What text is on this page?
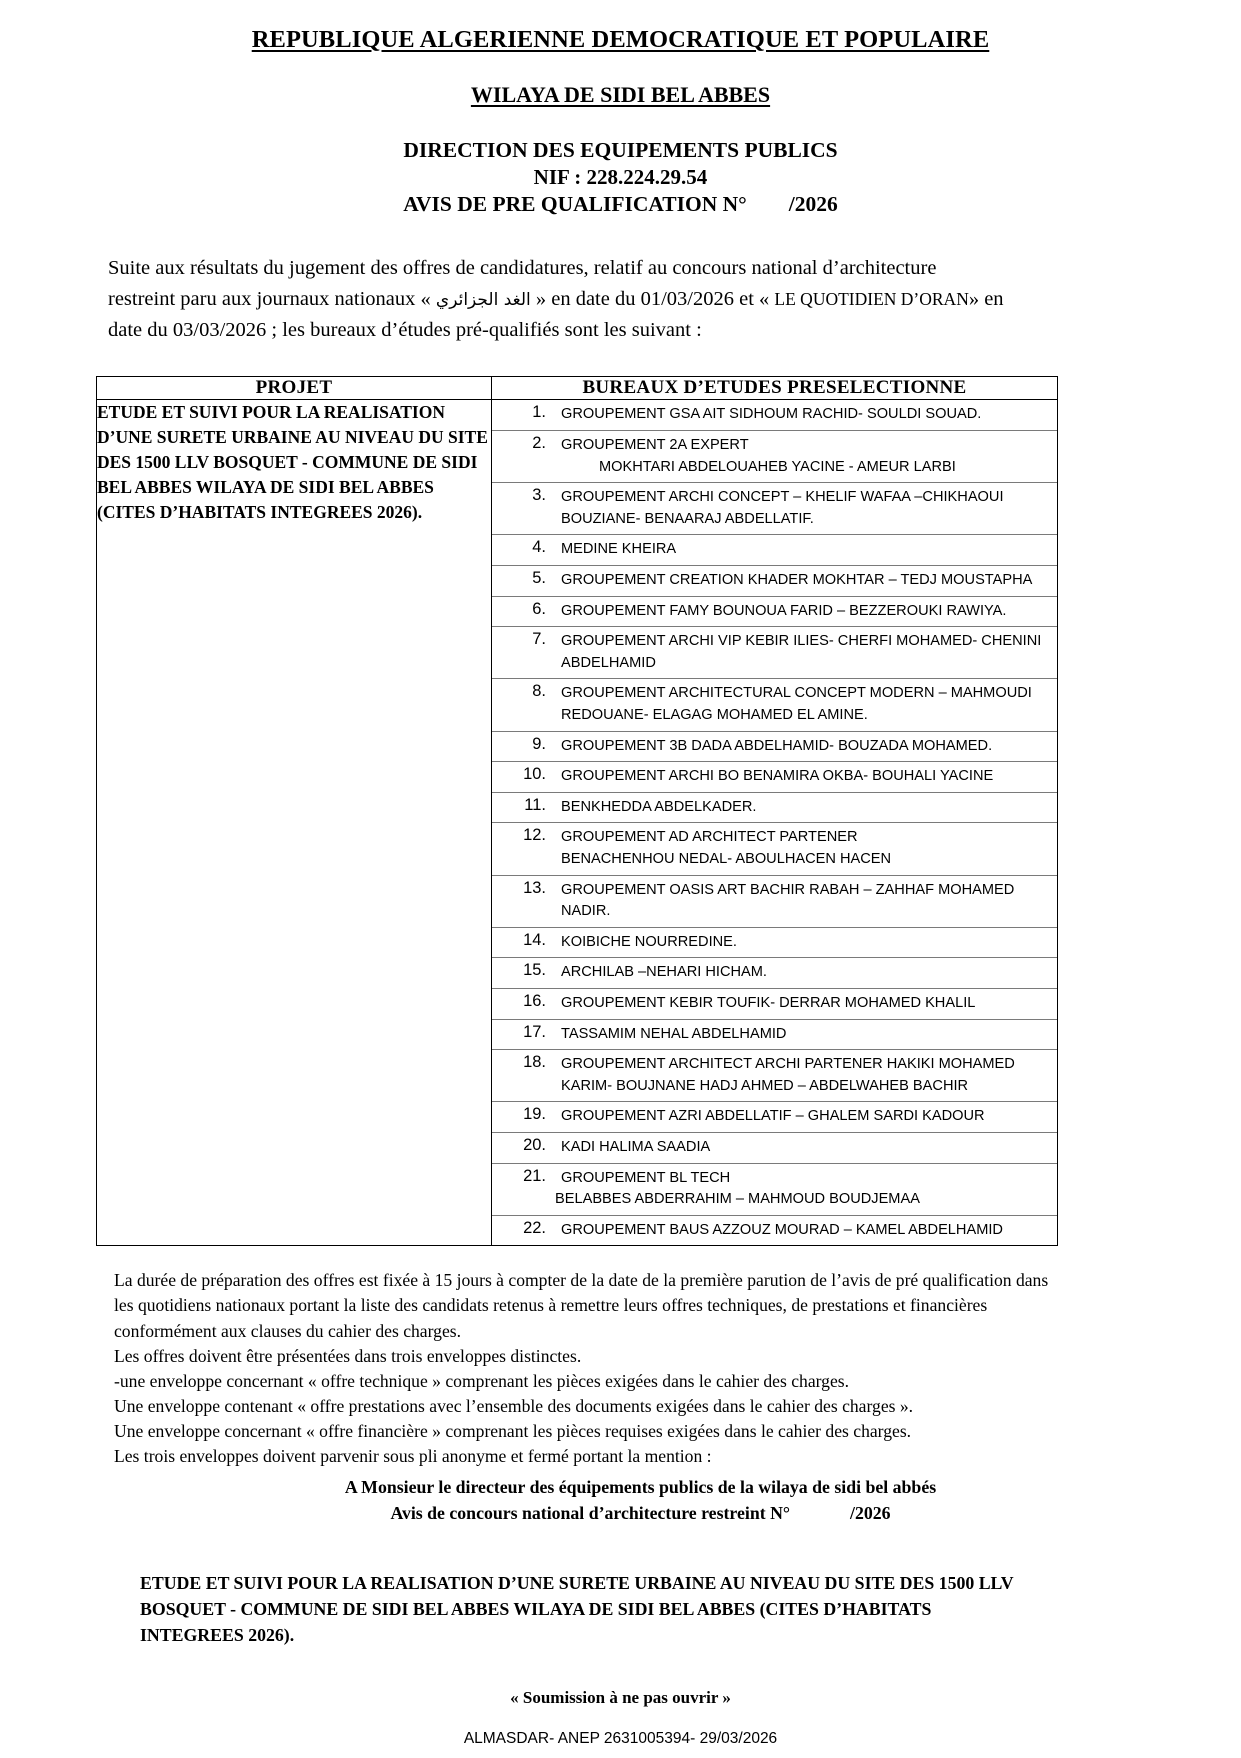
REPUBLIQUE ALGERIENNE DEMOCRATIQUE ET POPULAIRE
WILAYA DE SIDI BEL ABBES
DIRECTION DES EQUIPEMENTS PUBLICS
NIF : 228.224.29.54
AVIS DE PRE QUALIFICATION N° /2026
Suite aux résultats du jugement des offres de candidatures, relatif au concours national d’architecture restreint paru aux journaux nationaux « الغد الجزائري » en date du 01/03/2026 et « LE QUOTIDIEN D’ORAN» en date du 03/03/2026 ; les bureaux d’études pré-qualifiés sont les suivant :
PROJET	BUREAUX D’ETUDES PRESELECTIONNE

ETUDE ET SUIVI POUR LA REALISATION D’UNE SURETE URBAINE AU NIVEAU DU SITE DES 1500 LLV BOSQUET - COMMUNE DE SIDI BEL ABBES WILAYA DE SIDI BEL ABBES (CITES D’HABITATS INTEGREES 2026).

1.	GROUPEMENT GSA AIT SIDHOUM RACHID- SOULDI SOUAD.
2.	GROUPEMENT 2A EXPERT
MOKHTARI ABDELOUAHEB YACINE - AMEUR LARBI
3.	GROUPEMENT ARCHI CONCEPT – KHELIF WAFAA –CHIKHAOUI
BOUZIANE- BENAARAJ ABDELLATIF.
4.	MEDINE KHEIRA
5.	GROUPEMENT CREATION KHADER MOKHTAR – TEDJ MOUSTAPHA
6.	GROUPEMENT FAMY BOUNOUA FARID – BEZZEROUKI RAWIYA.
7.	GROUPEMENT ARCHI VIP KEBIR ILIES- CHERFI MOHAMED- CHENINI
ABDELHAMID
8.	GROUPEMENT ARCHITECTURAL CONCEPT MODERN – MAHMOUDI
REDOUANE- ELAGAG MOHAMED EL AMINE.
9.	GROUPEMENT 3B DADA ABDELHAMID- BOUZADA MOHAMED.
10.	GROUPEMENT ARCHI BO BENAMIRA OKBA- BOUHALI YACINE
11.	BENKHEDDA ABDELKADER.
12.	GROUPEMENT AD ARCHITECT PARTENER
BENACHENHOU NEDAL- ABOULHACEN HACEN
13.	GROUPEMENT OASIS ART BACHIR RABAH – ZAHHAF MOHAMED
NADIR.
14.	KOIBICHE NOURREDINE.
15.	ARCHILAB –NEHARI HICHAM.
16.	GROUPEMENT KEBIR TOUFIK- DERRAR MOHAMED KHALIL
17.	TASSAMIM NEHAL ABDELHAMID
18.	GROUPEMENT ARCHITECT ARCHI PARTENER HAKIKI MOHAMED
KARIM- BOUJNANE HADJ AHMED – ABDELWAHEB BACHIR
19.	GROUPEMENT AZRI ABDELLATIF – GHALEM SARDI KADOUR
20.	KADI HALIMA SAADIA
21.	GROUPEMENT BL TECH
BELABBES ABDERRAHIM – MAHMOUD BOUDJEMAA
22.	GROUPEMENT BAUS AZZOUZ MOURAD – KAMEL ABDELHAMID

La durée de préparation des offres est fixée à 15 jours à compter de la date de la première parution de l’avis de pré qualification dans les quotidiens nationaux portant la liste des candidats retenus à remettre leurs offres techniques, de prestations et financières conformément aux clauses du cahier des charges.

Les offres doivent être présentées dans trois enveloppes distinctes.

-une enveloppe concernant « offre technique » comprenant les pièces exigées dans le cahier des charges.

Une enveloppe contenant « offre prestations avec l’ensemble des documents exigées dans le cahier des charges ».

Une enveloppe concernant « offre financière » comprenant les pièces requises exigées dans le cahier des charges.

Les trois enveloppes doivent parvenir sous pli anonyme et fermé portant la mention :

A Monsieur le directeur des équipements publics de la wilaya de sidi bel abbés
Avis de concours national d’architecture restreint N°	/2026
ETUDE ET SUIVI POUR LA REALISATION D’UNE SURETE URBAINE AU NIVEAU DU SITE DES 1500 LLV BOSQUET - COMMUNE DE SIDI BEL ABBES WILAYA DE SIDI BEL ABBES (CITES D’HABITATS INTEGREES 2026).
« Soumission à ne pas ouvrir »
ALMASDAR- ANEP 2631005394- 29/03/2026
